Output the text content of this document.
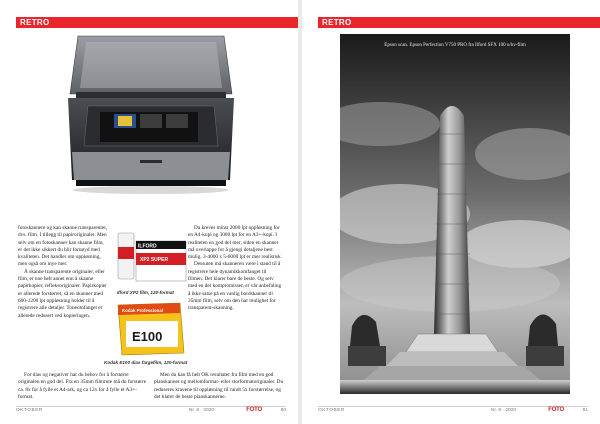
RETRO

fotoskannere og kan skanne transparenter, dvs. film. I tillegg til papiroriginaler. Men selv om en fotoskanner kan skanne film, er det ikke sikkert du blir fornøyd med kvaliteten. Det handler om oppløsning, men også om mye mer.

Å skanne transparente originaler, eller film, er noe helt annet enn å skanne papirkopier, refleksoriginaler. Papirkopier er allerede forstørret, så en skanner med 600-1200 lpt oppløsning holder til å registrere alle detaljer. Toneomfanget er allerede redusert ved kopieringen.

ILFORD
XP2 SUPER
Ilford XP2 film, 120-format
Kodak Professional
E100
Kodak E100 dias fargefilm, 120-format

Da kreves minst 2000 lpt oppløsning for en A4-kopi og 3000 lpt for en A3+-kopi. I realiteten en god del mer, siden en skanner må overlappe for å gjengi detaljene best mulig. 3-4000 x 5-6000 lpt er mer realistisk.

Dessuten må skanneren være i stand til å registrere hele dynamikkomfanget til filmen. Det klarer bare de beste. Og selv med en del kompromisser, er vår anbefaling å ikke satse på en vanlig bordskanner til 35mm film, selv om den har mulighet for transparent-skanning.

For dias og negativer har du behov for å forstørre originalen en god del. Fra en 35mm filmrute må du forstørre ca. 8x for å fylle et A4-ark, og ca 12x for å fylle et A3+-format.

Men du kan få helt OK resultater fra film med en god planskanner og mellomformat- eller storformatoriginaler. Du reduseres kravene til oppløsning til rundt 5x forstørrelse, og det klarer de beste planskannerne.

OKTOBER	Nr. 8 · 2020	FOTO	80
RETRO
Epson scan. Epson Perfection V750 PRO fra Ilford SFX 100 o/hv-film
OKTOBER	Nr. 8 · 2020	FOTO	81
